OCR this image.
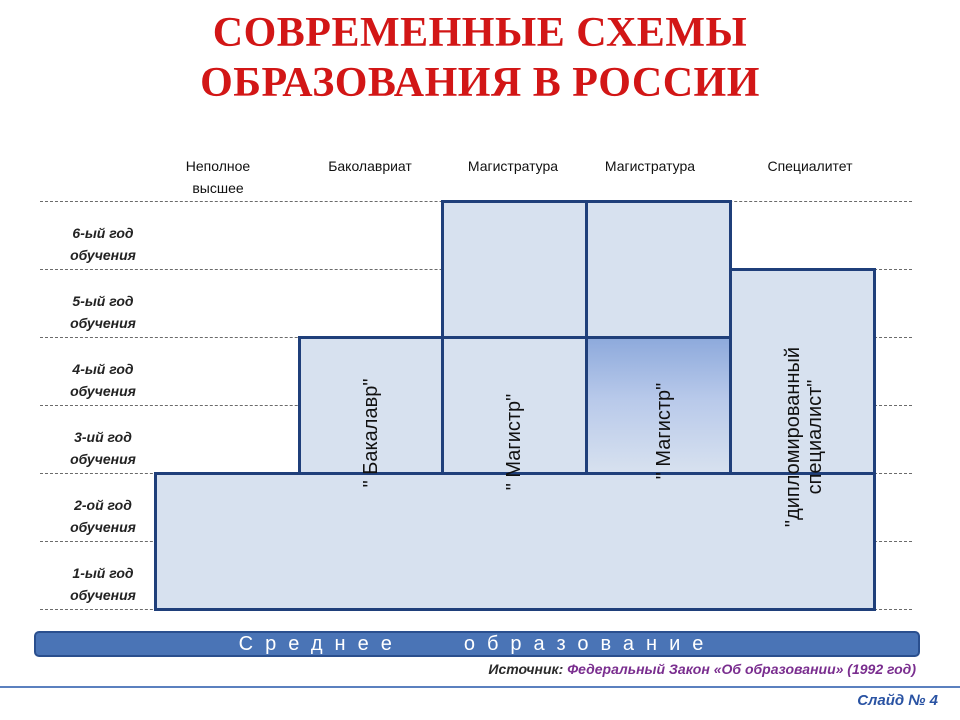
СОВРЕМЕННЫЕ СХЕМЫ
ОБРАЗОВАНИЯ В РОССИИ
Неполное
высшее
Баколавриат	Магистратура	Магистратура	Специалитет
6-ый год
обучения
5-ый год
обучения
4-ый год
обучения
3-ий год
обучения
2-ой год
обучения
1-ый год
обучения
" Бакалавр"	" Магистр"	" Магистр"	"дипломированный специалист"
Среднее	образование
Источник: Федеральный Закон «Об образовании» (1992 год)
Слайд № 4
